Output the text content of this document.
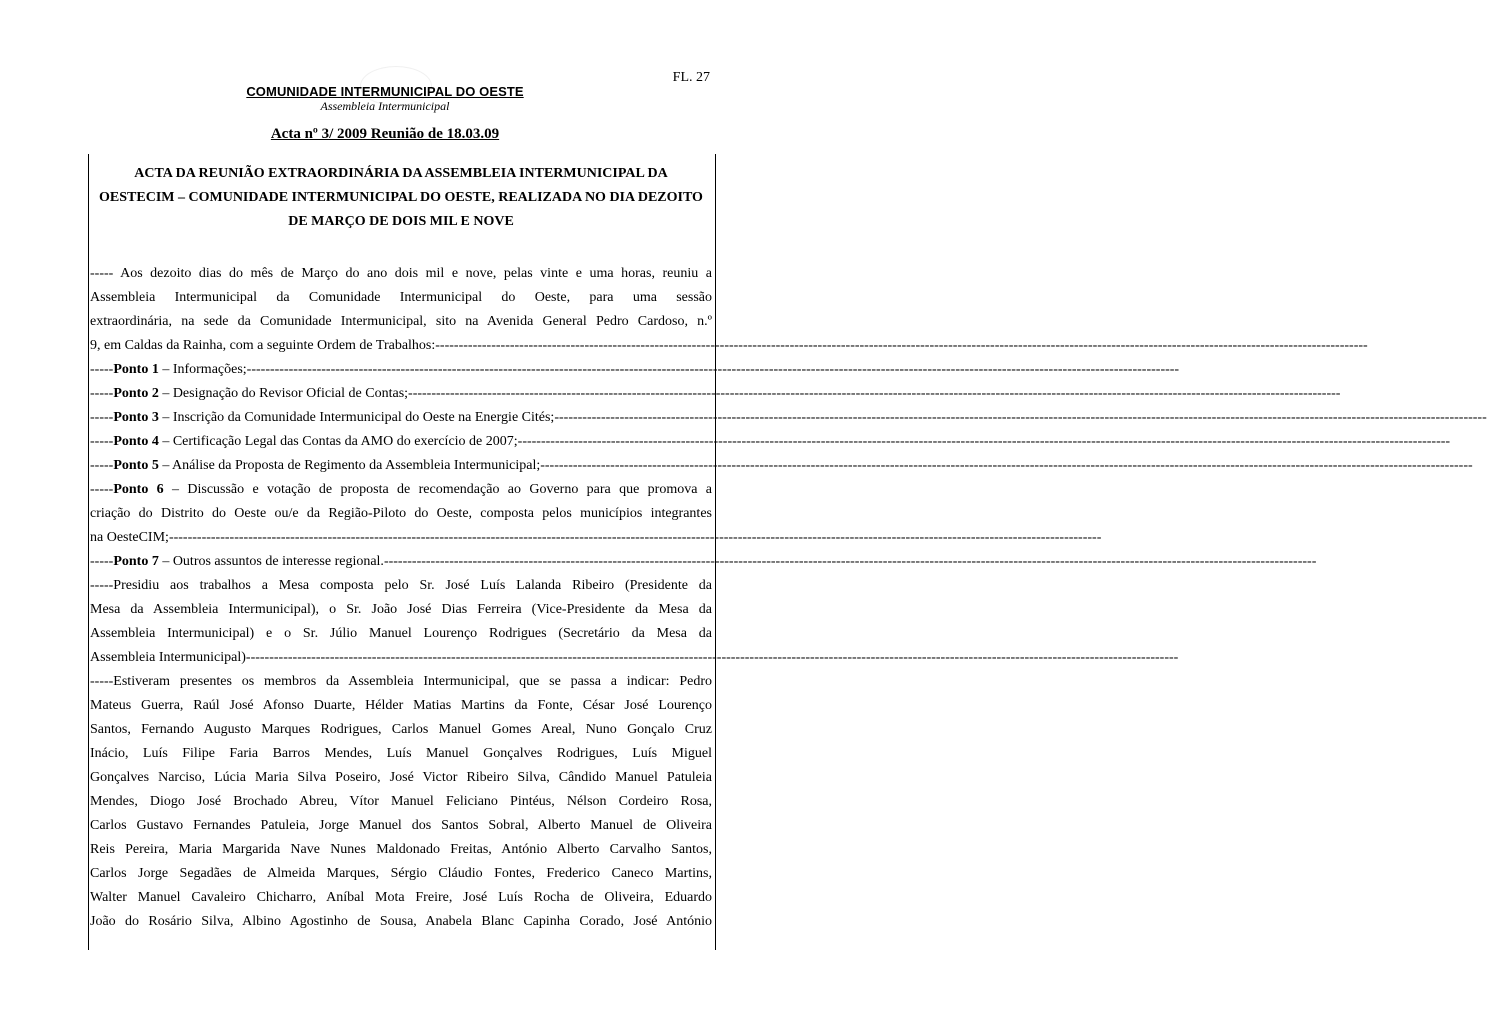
FL. 27
COMUNIDADE INTERMUNICIPAL DO OESTE
Assembleia Intermunicipal
Acta nº 3/ 2009 Reunião de 18.03.09
ACTA DA REUNIÃO EXTRAORDINÁRIA DA ASSEMBLEIA INTERMUNICIPAL DA
OESTECIM – COMUNIDADE INTERMUNICIPAL DO OESTE, REALIZADA NO DIA DEZOITO
DE MARÇO DE DOIS MIL E NOVE
----- Aos dezoito dias do mês de Março do ano dois mil e nove, pelas vinte e uma horas, reuniu a
Assembleia Intermunicipal da Comunidade Intermunicipal do Oeste, para uma sessão
extraordinária, na sede da Comunidade Intermunicipal, sito na Avenida General Pedro Cardoso, n.º
9, em Caldas da Rainha, com a seguinte Ordem de Trabalhos: --------------------------------------------------------------------------------------------------------------------------------------------------------------------------------------------------------
-----Ponto 1 – Informações; --------------------------------------------------------------------------------------------------------------------------------------------------------------------------------------------------------
-----Ponto 2 – Designação do Revisor Oficial de Contas; --------------------------------------------------------------------------------------------------------------------------------------------------------------------------------------------------------
-----Ponto 3 – Inscrição da Comunidade Intermunicipal do Oeste na Energie Cités; --------------------------------------------------------------------------------------------------------------------------------------------------------------------------------------------------------
-----Ponto 4 – Certificação Legal das Contas da AMO do exercício de 2007; --------------------------------------------------------------------------------------------------------------------------------------------------------------------------------------------------------
-----Ponto 5 – Análise da Proposta de Regimento da Assembleia Intermunicipal; --------------------------------------------------------------------------------------------------------------------------------------------------------------------------------------------------------
-----Ponto 6 – Discussão e votação de proposta de recomendação ao Governo para que promova a
criação do Distrito do Oeste ou/e da Região-Piloto do Oeste, composta pelos municípios integrantes
na OesteCIM; --------------------------------------------------------------------------------------------------------------------------------------------------------------------------------------------------------
-----Ponto 7 – Outros assuntos de interesse regional. --------------------------------------------------------------------------------------------------------------------------------------------------------------------------------------------------------
-----Presidiu aos trabalhos a Mesa composta pelo Sr. José Luís Lalanda Ribeiro (Presidente da
Mesa da Assembleia Intermunicipal), o Sr. João José Dias Ferreira (Vice-Presidente da Mesa da
Assembleia Intermunicipal) e o Sr. Júlio Manuel Lourenço Rodrigues (Secretário da Mesa da
Assembleia Intermunicipal) --------------------------------------------------------------------------------------------------------------------------------------------------------------------------------------------------------
-----Estiveram presentes os membros da Assembleia Intermunicipal, que se passa a indicar: Pedro
Mateus Guerra, Raúl José Afonso Duarte, Hélder Matias Martins da Fonte, César José Lourenço
Santos, Fernando Augusto Marques Rodrigues, Carlos Manuel Gomes Areal, Nuno Gonçalo Cruz
Inácio, Luís Filipe Faria Barros Mendes, Luís Manuel Gonçalves Rodrigues, Luís Miguel
Gonçalves Narciso, Lúcia Maria Silva Poseiro, José Victor Ribeiro Silva, Cândido Manuel Patuleia
Mendes, Diogo José Brochado Abreu, Vítor Manuel Feliciano Pintéus, Nélson Cordeiro Rosa,
Carlos Gustavo Fernandes Patuleia, Jorge Manuel dos Santos Sobral, Alberto Manuel de Oliveira
Reis Pereira, Maria Margarida Nave Nunes Maldonado Freitas, António Alberto Carvalho Santos,
Carlos Jorge Segadães de Almeida Marques, Sérgio Cláudio Fontes, Frederico Caneco Martins,
Walter Manuel Cavaleiro Chicharro, Aníbal Mota Freire, José Luís Rocha de Oliveira, Eduardo
João do Rosário Silva, Albino Agostinho de Sousa, Anabela Blanc Capinha Corado, José António
